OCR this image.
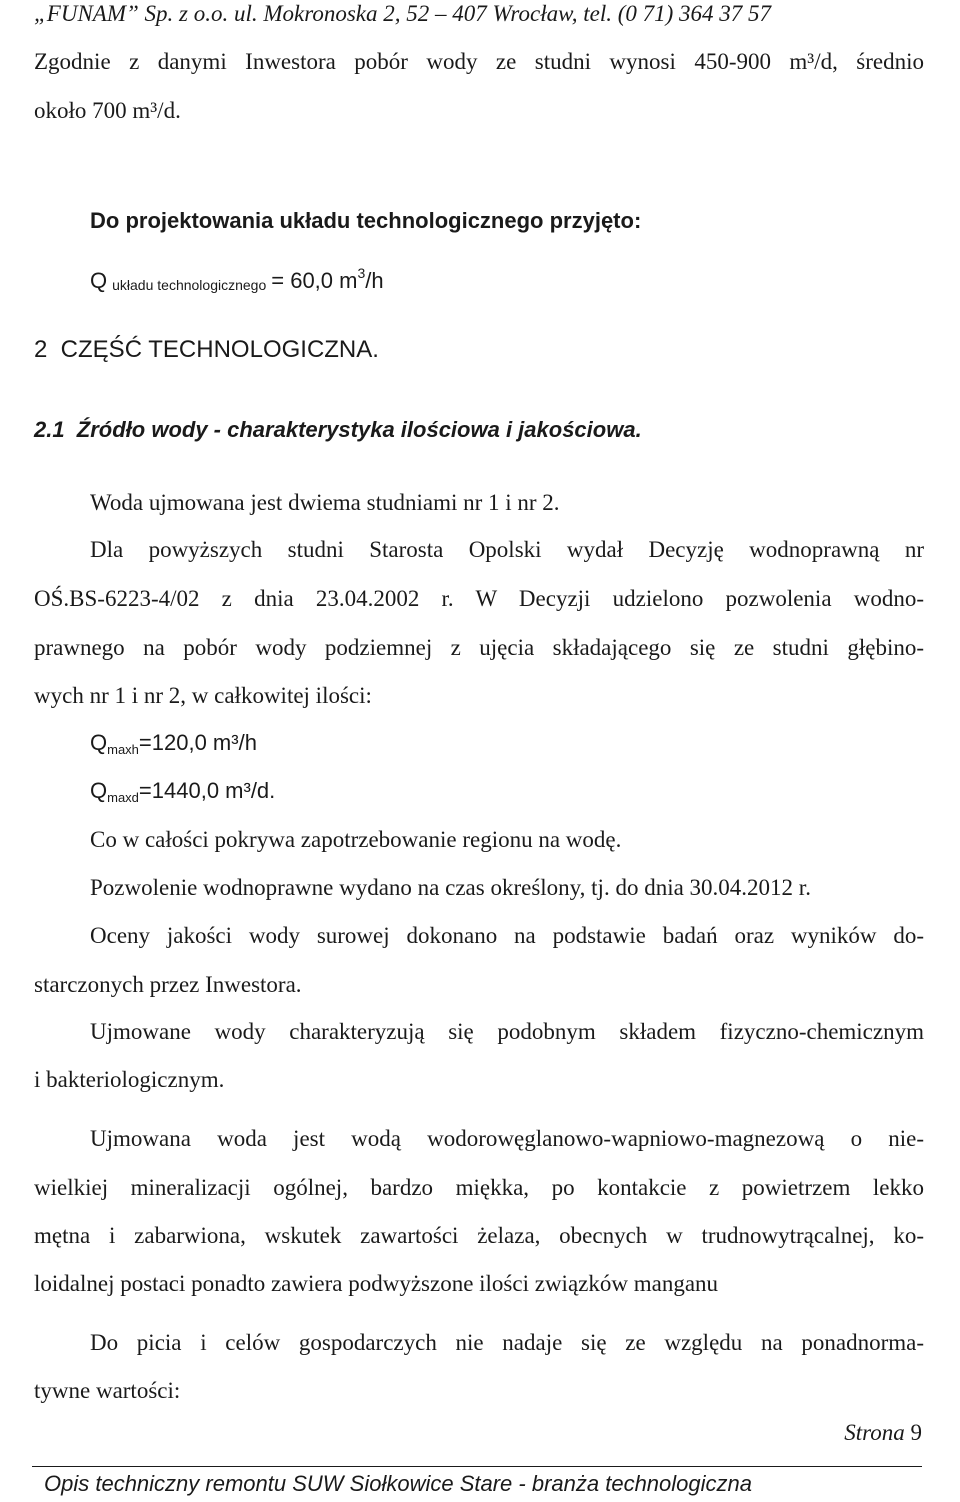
„FUNAM” Sp. z o.o. ul. Mokronoska 2, 52 – 407 Wrocław, tel. (0 71) 364 37 57
Zgodnie z danymi Inwestora pobór wody ze studni wynosi 450-900 m³/d, średnio
około 700 m³/d.
Do projektowania układu technologicznego przyjęto:
Qukładu technologicznego = 60,0 $m^3/h$
2  CZĘŚĆ TECHNOLOGICZNA.
2.1  Źródło wody - charakterystyka ilościowa i jakościowa.
Woda ujmowana jest dwiema studniami nr 1 i nr 2.
Dla powyższych studni Starosta Opolski wydał Decyzję wodnoprawną nr
OŚ.BS-6223-4/02 z dnia 23.04.2002 r. W Decyzji udzielono pozwolenia wodno-
prawnego na pobór wody podziemnej z ujęcia składającego się ze studni głębino-
wych nr 1 i nr 2, w całkowitej ilości:
Qmaxh=120,0 m³/h
Qmaxd=1440,0 m³/d.
Co w całości pokrywa zapotrzebowanie regionu na wodę.
Pozwolenie wodnoprawne wydano na czas określony, tj. do dnia 30.04.2012 r.
Oceny jakości wody surowej dokonano na podstawie badań oraz wyników do-
starczonych przez Inwestora.
Ujmowane wody charakteryzują się podobnym składem fizyczno-chemicznym
i bakteriologicznym.
Ujmowana woda jest wodą wodorowęglanowo-wapniowo-magnezową o nie-
wielkiej mineralizacji ogólnej, bardzo miękka, po kontakcie z powietrzem lekko
mętna i zabarwiona, wskutek zawartości żelaza, obecnych w trudnowytrącalnej, ko-
loidalnej postaci ponadto zawiera podwyższone ilości związków manganu
Do picia i celów gospodarczych nie nadaje się ze względu na ponadnorma-
tywne wartości:
Strona 9
Opis techniczny remontu SUW Siołkowice Stare - branża technologiczna
